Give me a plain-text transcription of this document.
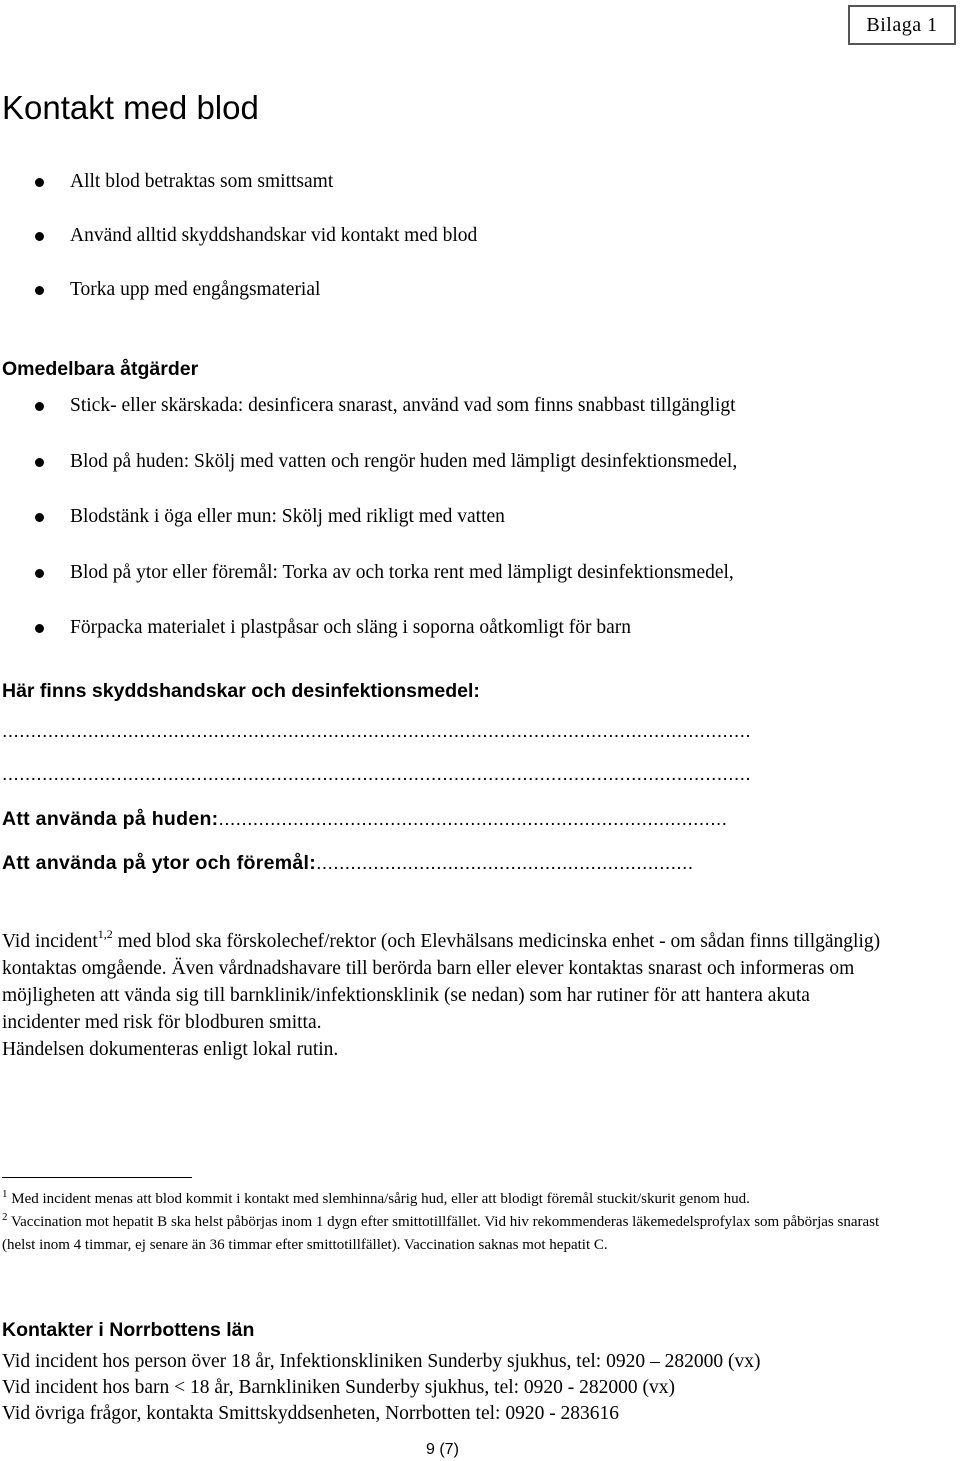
Bilaga 1
Kontakt med blod
Allt blod betraktas som smittsamt
Använd alltid skyddshandskar vid kontakt med blod
Torka upp med engångsmaterial
Omedelbara åtgärder
Stick- eller skärskada: desinficera snarast, använd vad som finns snabbast tillgängligt
Blod på huden: Skölj med vatten och rengör huden med lämpligt desinfektionsmedel,
Blodstänk i öga eller mun: Skölj med rikligt med vatten
Blod på ytor eller föremål: Torka av och torka rent med lämpligt desinfektionsmedel,
Förpacka materialet i plastpåsar och släng i soporna oåtkomligt för barn
Här finns skyddshandskar och desinfektionsmedel:
...................................................................................................................................
...................................................................................................................................
Att använda på huden:.........................................................................................
Att använda på ytor och föremål:..................................................................

Vid incident$^{1,2}$ med blod ska förskolechef/rektor (och Elevhälsans medicinska enhet - om sådan finns tillgänglig) kontaktas omgående. Även vårdnadshavare till berörda barn eller elever kontaktas snarast och informeras om möjligheten att vända sig till barnklinik/infektionsklinik (se nedan) som har rutiner för att hantera akuta incidenter med risk för blodburen smitta.

Händelsen dokumenteras enligt lokal rutin.

$^1$ Med incident menas att blod kommit i kontakt med slemhinna/sårig hud, eller att blodigt föremål stuckit/skurit genom hud.

$^2$ Vaccination mot hepatit B ska helst påbörjas inom 1 dygn efter smittotillfället. Vid hiv rekommenderas läkemedelsprofylax som påbörjas snarast (helst inom 4 timmar, ej senare än 36 timmar efter smittotillfället). Vaccination saknas mot hepatit C.

Kontakter i Norrbottens län

Vid incident hos person över 18 år, Infektionskliniken Sunderby sjukhus, tel: 0920 – 282000 (vx)

Vid incident hos barn < 18 år, Barnkliniken Sunderby sjukhus, tel: 0920 - 282000 (vx)

Vid övriga frågor, kontakta Smittskyddsenheten, Norrbotten tel: 0920 - 283616

9 (7)
